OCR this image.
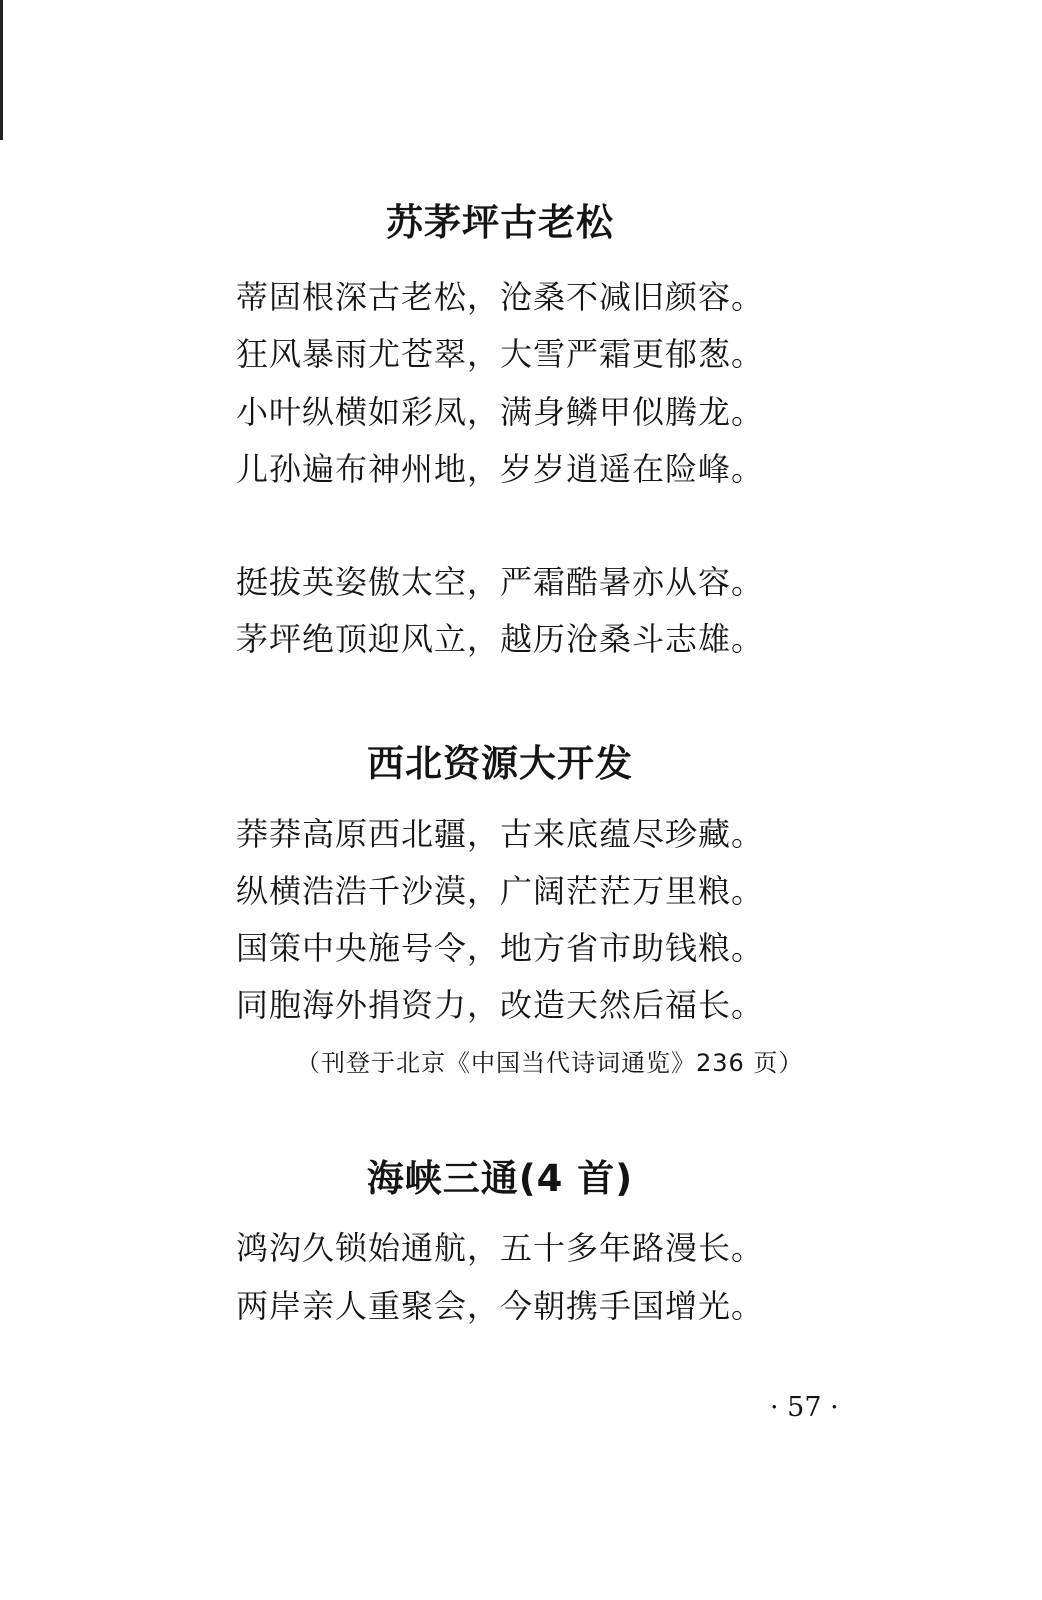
苏茅坪古老松
蒂固根深古老松，沧桑不减旧颜容。
狂风暴雨尤苍翠，大雪严霜更郁葱。
小叶纵横如彩凤，满身鳞甲似腾龙。
儿孙遍布神州地，岁岁逍遥在险峰。
挺拔英姿傲太空，严霜酷暑亦从容。
茅坪绝顶迎风立，越历沧桑斗志雄。
西北资源大开发
莽莽高原西北疆，古来底蕴尽珍藏。
纵横浩浩千沙漠，广阔茫茫万里粮。
国策中央施号令，地方省市助钱粮。
同胞海外捐资力，改造天然后福长。
（刊登于北京《中国当代诗词通览》236 页）
海峡三通(4 首)
鸿沟久锁始通航，五十多年路漫长。
两岸亲人重聚会，今朝携手国增光。
· 57 ·
